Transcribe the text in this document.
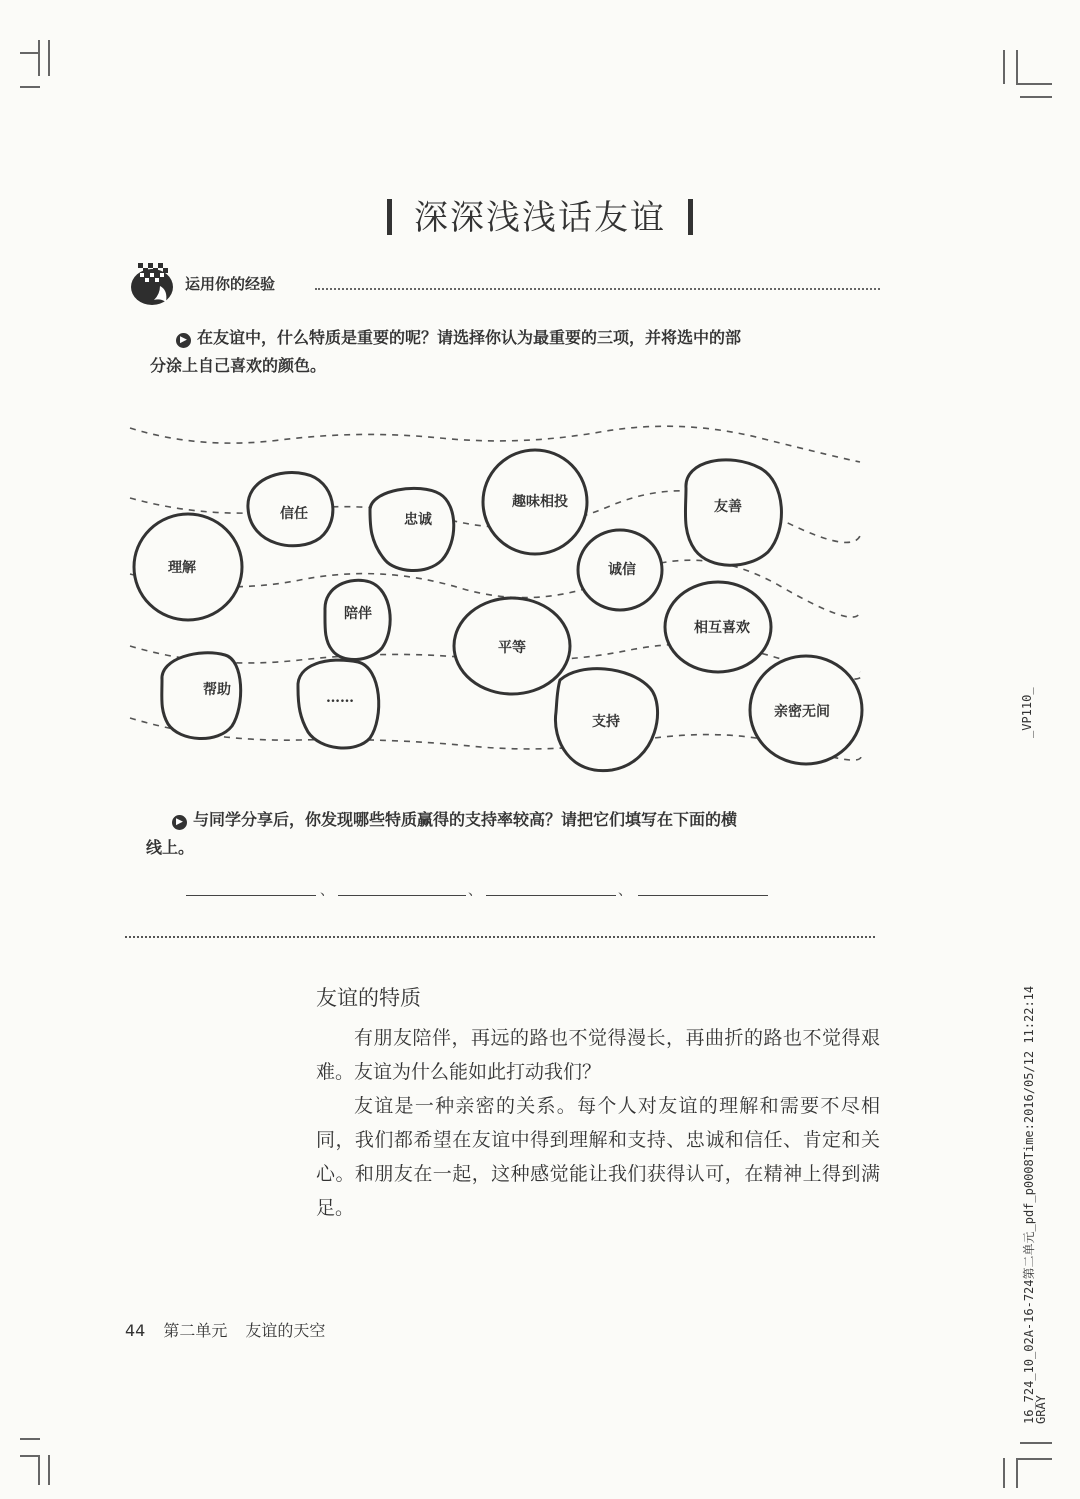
深深浅浅话友谊
运用你的经验
▶ 在友谊中，什么特质是重要的呢？请选择你认为最重要的三项，并将选中的部
分涂上自己喜欢的颜色。
理解
信任	忠诚
趣味相投	友善
诚信
陪伴
平等
相互喜欢
帮助	……
支持
亲密无间
▶ 与同学分享后，你发现哪些特质赢得的支持率较高？请把它们填写在下面的横
线上。
、	、	、
友谊的特质
有朋友陪伴，再远的路也不觉得漫长，再曲折的路也不觉得艰难。友谊为什么能如此打动我们？
友谊是一种亲密的关系。每个人对友谊的理解和需要不尽相同，我们都希望在友谊中得到理解和支持、忠诚和信任、肯定和关心。和朋友在一起，这种感觉能让我们获得认可，在精神上得到满足。
44 第二单元 友谊的天空
_VP110_
16_724_10_02A-16-724第二单元_pdf_p0008Time:2016/05/12 11:22:14
GRAY
